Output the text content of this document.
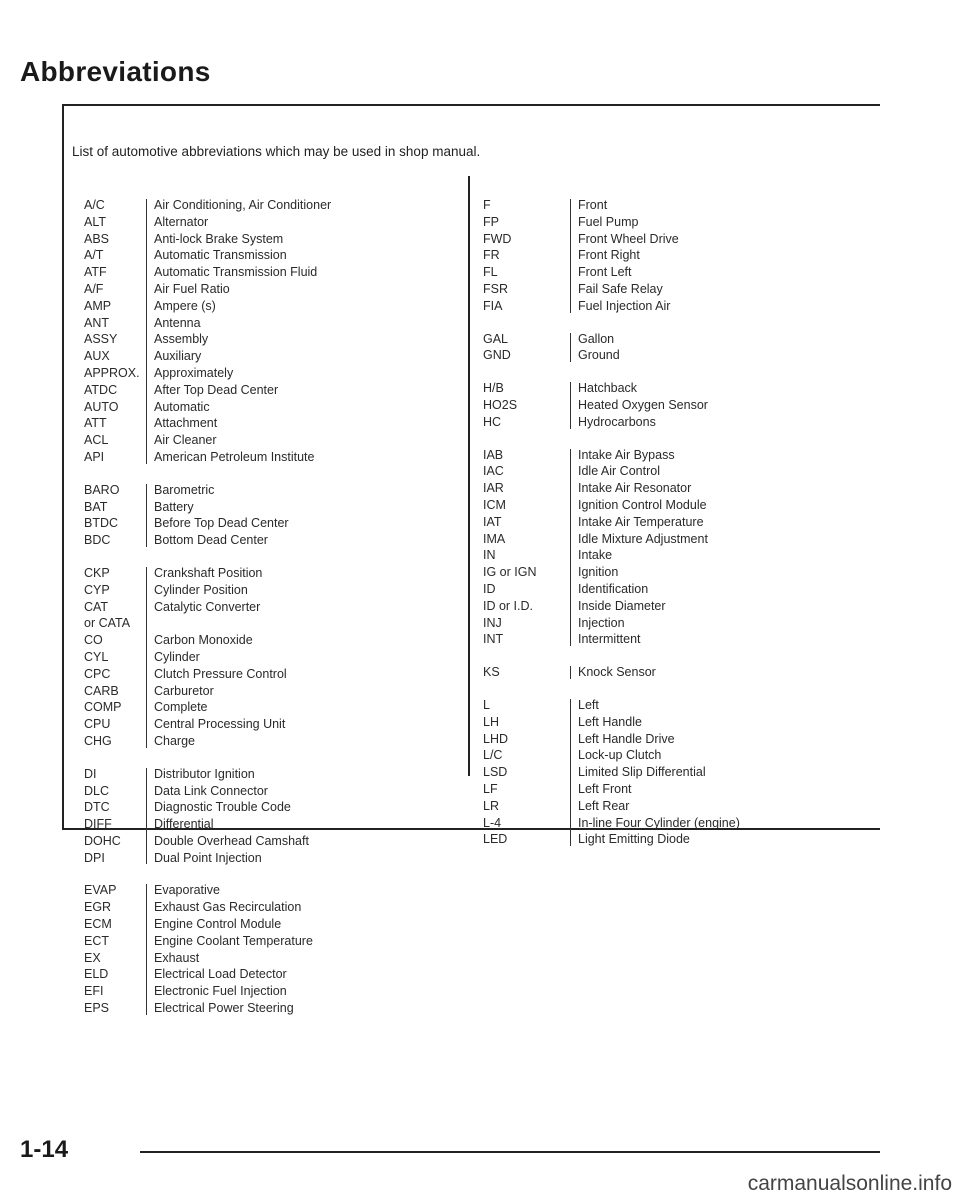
Abbreviations

List of automotive abbreviations which may be used in shop manual.

A/C
ALT
ABS
A/T
ATF
A/F
AMP
ANT
ASSY
AUX
APPROX.
ATDC
AUTO
ATT
ACL
API
BARO
BAT
BTDC
BDC
CKP
CYP
CAT
or CATA
CO
CYL
CPC
CARB
COMP
CPU
CHG
DI
DLC
DTC
DIFF
DOHC
DPI
EVAP
EGR
ECM
ECT
EX
ELD
EFI
EPS
Air Conditioning, Air Conditioner
Alternator
Anti-lock Brake System
Automatic Transmission
Automatic Transmission Fluid
Air Fuel Ratio
Ampere (s)
Antenna
Assembly
Auxiliary
Approximately
After Top Dead Center
Automatic
Attachment
Air Cleaner
American Petroleum Institute
Barometric
Battery
Before Top Dead Center
Bottom Dead Center
Crankshaft Position
Cylinder Position
Catalytic Converter
Carbon Monoxide
Cylinder
Clutch Pressure Control
Carburetor
Complete
Central Processing Unit
Charge
Distributor Ignition
Data Link Connector
Diagnostic Trouble Code
Differential
Double Overhead Camshaft
Dual Point Injection
Evaporative
Exhaust Gas Recirculation
Engine Control Module
Engine Coolant Temperature
Exhaust
Electrical Load Detector
Electronic Fuel Injection
Electrical Power Steering
F
FP
FWD
FR
FL
FSR
FIA
GAL
GND
H/B
HO2S
HC
IAB
IAC
IAR
ICM
IAT
IMA
IN
IG or IGN
ID
ID or I.D.
INJ
INT
KS
L
LH
LHD
L/C
LSD
LF
LR
L-4
LED
Front
Fuel Pump
Front Wheel Drive
Front Right
Front Left
Fail Safe Relay
Fuel Injection Air
Gallon
Ground
Hatchback
Heated Oxygen Sensor
Hydrocarbons
Intake Air Bypass
Idle Air Control
Intake Air Resonator
Ignition Control Module
Intake Air Temperature
Idle Mixture Adjustment
Intake
Ignition
Identification
Inside Diameter
Injection
Intermittent
Knock Sensor
Left
Left Handle
Left Handle Drive
Lock-up Clutch
Limited Slip Differential
Left Front
Left Rear
In-line Four Cylinder (engine)
Light Emitting Diode

1-14

carmanualsonline.info
